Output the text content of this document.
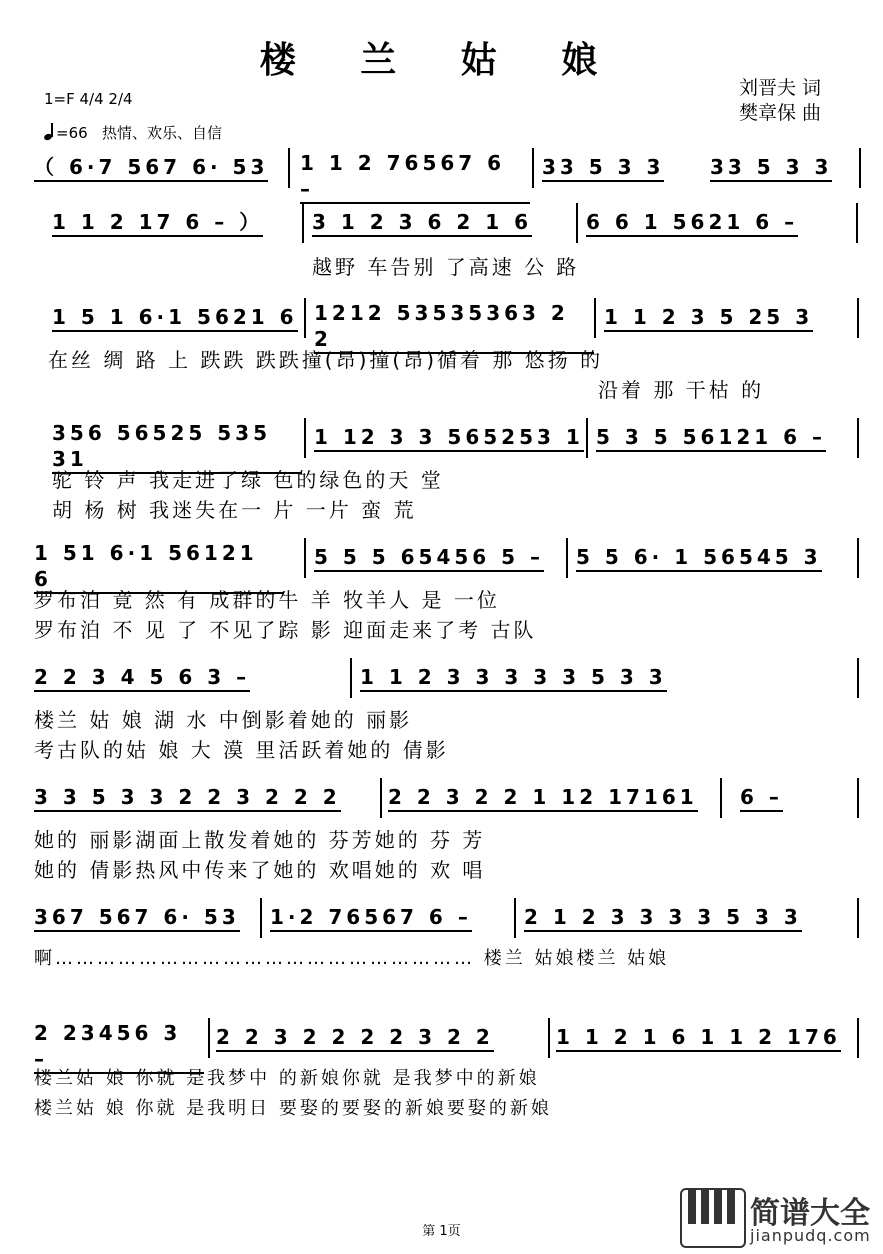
楼 兰 姑 娘
刘晋夫 词
樊章保 曲
1=F 4/4 2/4
=66 热情、欢乐、自信
（ 6·7 567 6· 53	1 1 2 76567 6 –
33 5 3 3	33 5 3 3
1 1 2 17 6 – ）	3 1 2 3 6 2 1 6	6 6 1 5621 6 –
越野 车告别 了高速 公 路
1 5 1 6·1 5621 6 1212 53535363 2 2
1 1 2 3 5 25 3
在丝 绸 路 上 跌跌 跌跌撞(昂)撞(昂)循着 那 悠扬 的
沿着 那 干枯 的
356 56525 535 31
1 12 3 3 565253 1 5 3 5 56121 6 –
驼 铃 声 我走进了绿 色的绿色的天 堂
胡 杨 树 我迷失在一 片 一片 蛮 荒
1 51 6·1 56121 6
5 5 5 65456 5 –	5 5 6· 1 56545 3
罗布泊 竟 然 有 成群的牛 羊 牧羊人 是 一位
罗布泊 不 见 了 不见了踪 影 迎面走来了考 古队
2 2 3 4 5 6 3 –	1 1 2 3 3 3 3 3 5 3 3
楼兰 姑 娘 湖 水 中倒影着她的 丽影
考古队的姑 娘 大 漠 里活跃着她的 倩影
3 3 5 3 3 2 2 3 2 2 2	2 2 3 2 2 1 12 17161	6 –
她的 丽影湖面上散发着她的 芬芳她的 芬 芳
她的 倩影热风中传来了她的 欢唱她的 欢 唱
367 567 6· 53	1·2 76567 6 –	2 1 2 3 3 3 3 5 3 3
啊…………………………………………………… 楼兰 姑娘楼兰 姑娘
2 23456 3 –
2 2 3 2 2 2 2 3 2 2	1 1 2 1 6 1 1 2 176
楼兰姑 娘 你就 是我梦中 的新娘你就 是我梦中的新娘
楼兰姑 娘 你就 是我明日 要娶的要娶的新娘要娶的新娘
第 1页
简谱大全
jianpudq.com
